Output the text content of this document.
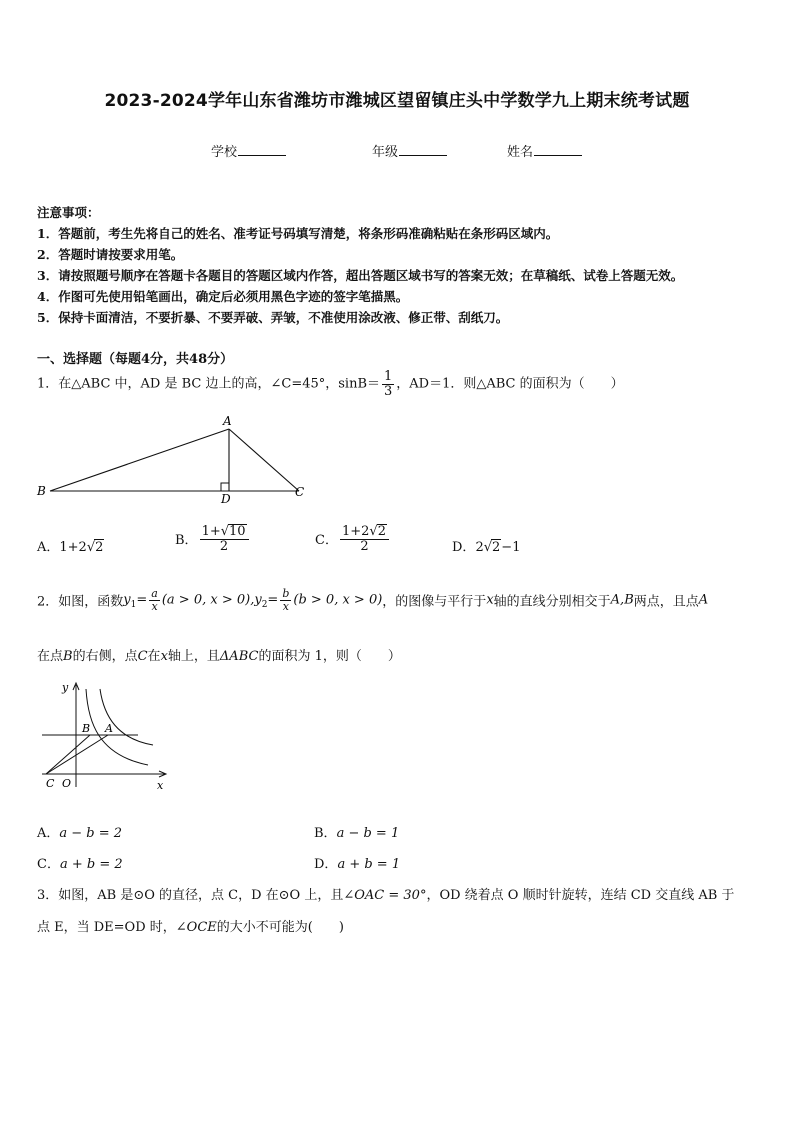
2023-2024学年山东省潍坊市潍城区望留镇庄头中学数学九上期末统考试题
学校	年级	姓名
注意事项：
1．答题前，考生先将自己的姓名、准考证号码填写清楚，将条形码准确粘贴在条形码区域内。
2．答题时请按要求用笔。
3．请按照题号顺序在答题卡各题目的答题区域内作答，超出答题区域书写的答案无效；在草稿纸、试卷上答题无效。
4．作图可先使用铅笔画出，确定后必须用黑色字迹的签字笔描黑。
5．保持卡面清洁，不要折暴、不要弄破、弄皱，不准使用涂改液、修正带、刮纸刀。
一、选择题（每题4分，共48分）
1．在△ABC 中，AD 是 BC 边上的高，∠C=45°，$\sin B= \frac{1}{3}$ ，AD＝1．则△ABC 的面积为（　　）
A
B	C
D
A．1+2√2	B． $\frac{1+√10}{2}$	C． $\frac{1+2√2}{2}$	D．2√2−1
2．如图，函数$y_1= \frac{a}{x} (a > 0$, $x > 0),y_2= \frac{b}{x} (b > 0$, x > 0)，的图像与平行于x轴的直线分别相交于A,B两点，且点A
在点B的右侧，点C在x轴上，且ΔABC的面积为 1，则（　　）
y
x
B A
C O
A．a − b = 2	B．a − b = 1
C．a + b = 2	D．a + b = 1
3．如图，AB 是⊙O 的直径，点 C，D 在⊙O 上，且∠OAC = 30°，OD 绕着点 O 顺时针旋转，连结 CD 交直线 AB 于
点 E，当 DE=OD 时，∠OCE的大小不可能为(　　)
